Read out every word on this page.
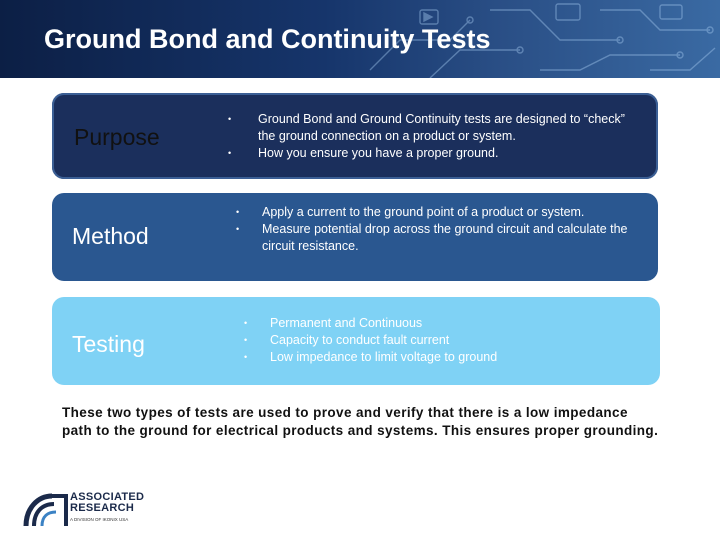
Ground Bond and Continuity Tests
Purpose
•	Ground Bond and Ground Continuity tests are designed to “check” the ground connection on a product or system.
•	How you ensure you have a proper ground.
Method
•	Apply a current to the ground point of a product or system.
•	Measure potential drop across the ground circuit and calculate the circuit resistance.
Testing
•	Permanent and Continuous
•	Capacity to conduct fault current
•	Low impedance to limit voltage to ground
These two types of tests are used to prove and verify that there is a low impedance path to the ground for electrical products and systems. This ensures proper grounding.
ASSOCIATED
RESEARCH
A DIVISION OF IKONIX USA
